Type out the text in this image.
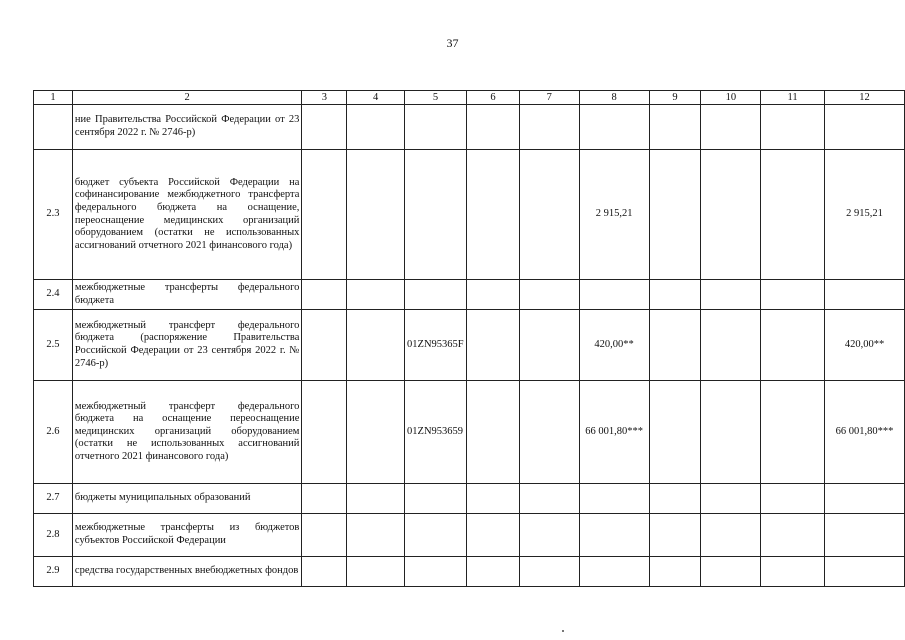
37
1	2	3	4	5	6	7	8	9	10	11	12
	ние Правительства Российской Федерации от 23 сентября 2022 г. № 2746-р)										
2.3	бюджет субъекта Российской Федерации на софинансирование межбюджетного трансферта федерального бюджета на оснащение, переоснащение медицинских организаций оборудованием (остатки не использованных ассигнований отчетного 2021 финансового года)						2 915,21				2 915,21
2.4	межбюджетные трансферты федерального бюджета										
2.5	межбюджетный трансферт федерального бюджета (распоряжение Правительства Российской Федерации от 23 сентября 2022 г. № 2746-р)			01ZN95365F			420,00**				420,00**
2.6	межбюджетный трансферт федерального бюджета на оснащение переоснащение медицинских организаций оборудованием (остатки не использованных ассигнований отчетного 2021 финансового года)			01ZN953659			66 001,80***				66 001,80***
2.7	бюджеты муниципальных образований										
2.8	межбюджетные трансферты из бюджетов субъектов Российской Федерации										
2.9	средства государственных внебюджетных фондов										
